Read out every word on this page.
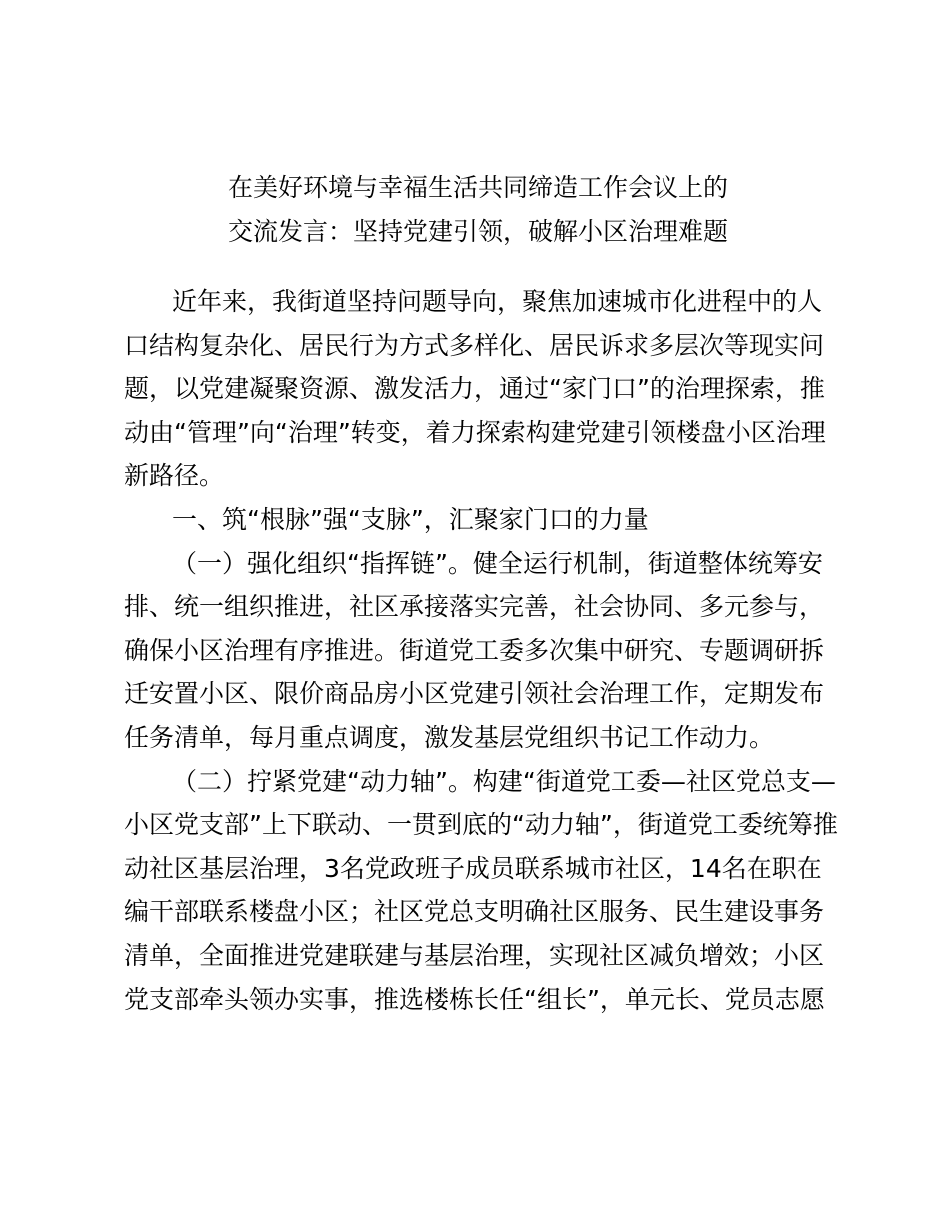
在美好环境与幸福生活共同缔造工作会议上的
交流发言：坚持党建引领，破解小区治理难题
近年来，我街道坚持问题导向，聚焦加速城市化进程中的人
口结构复杂化、居民行为方式多样化、居民诉求多层次等现实问
题，以党建凝聚资源、激发活力，通过“家门口”的治理探索，推
动由“管理”向“治理”转变，着力探索构建党建引领楼盘小区治理
新路径。
一、筑“根脉”强“支脉”，汇聚家门口的力量
（一）强化组织“指挥链”。健全运行机制，街道整体统筹安
排、统一组织推进，社区承接落实完善，社会协同、多元参与，
确保小区治理有序推进。街道党工委多次集中研究、专题调研拆
迁安置小区、限价商品房小区党建引领社会治理工作，定期发布
任务清单，每月重点调度，激发基层党组织书记工作动力。
（二）拧紧党建“动力轴”。构建“街道党工委—社区党总支—
小区党支部”上下联动、一贯到底的“动力轴”，街道党工委统筹推
动社区基层治理，3名党政班子成员联系城市社区，14名在职在
编干部联系楼盘小区；社区党总支明确社区服务、民生建设事务
清单，全面推进党建联建与基层治理，实现社区减负增效；小区
党支部牵头领办实事，推选楼栋长任“组长”，单元长、党员志愿
